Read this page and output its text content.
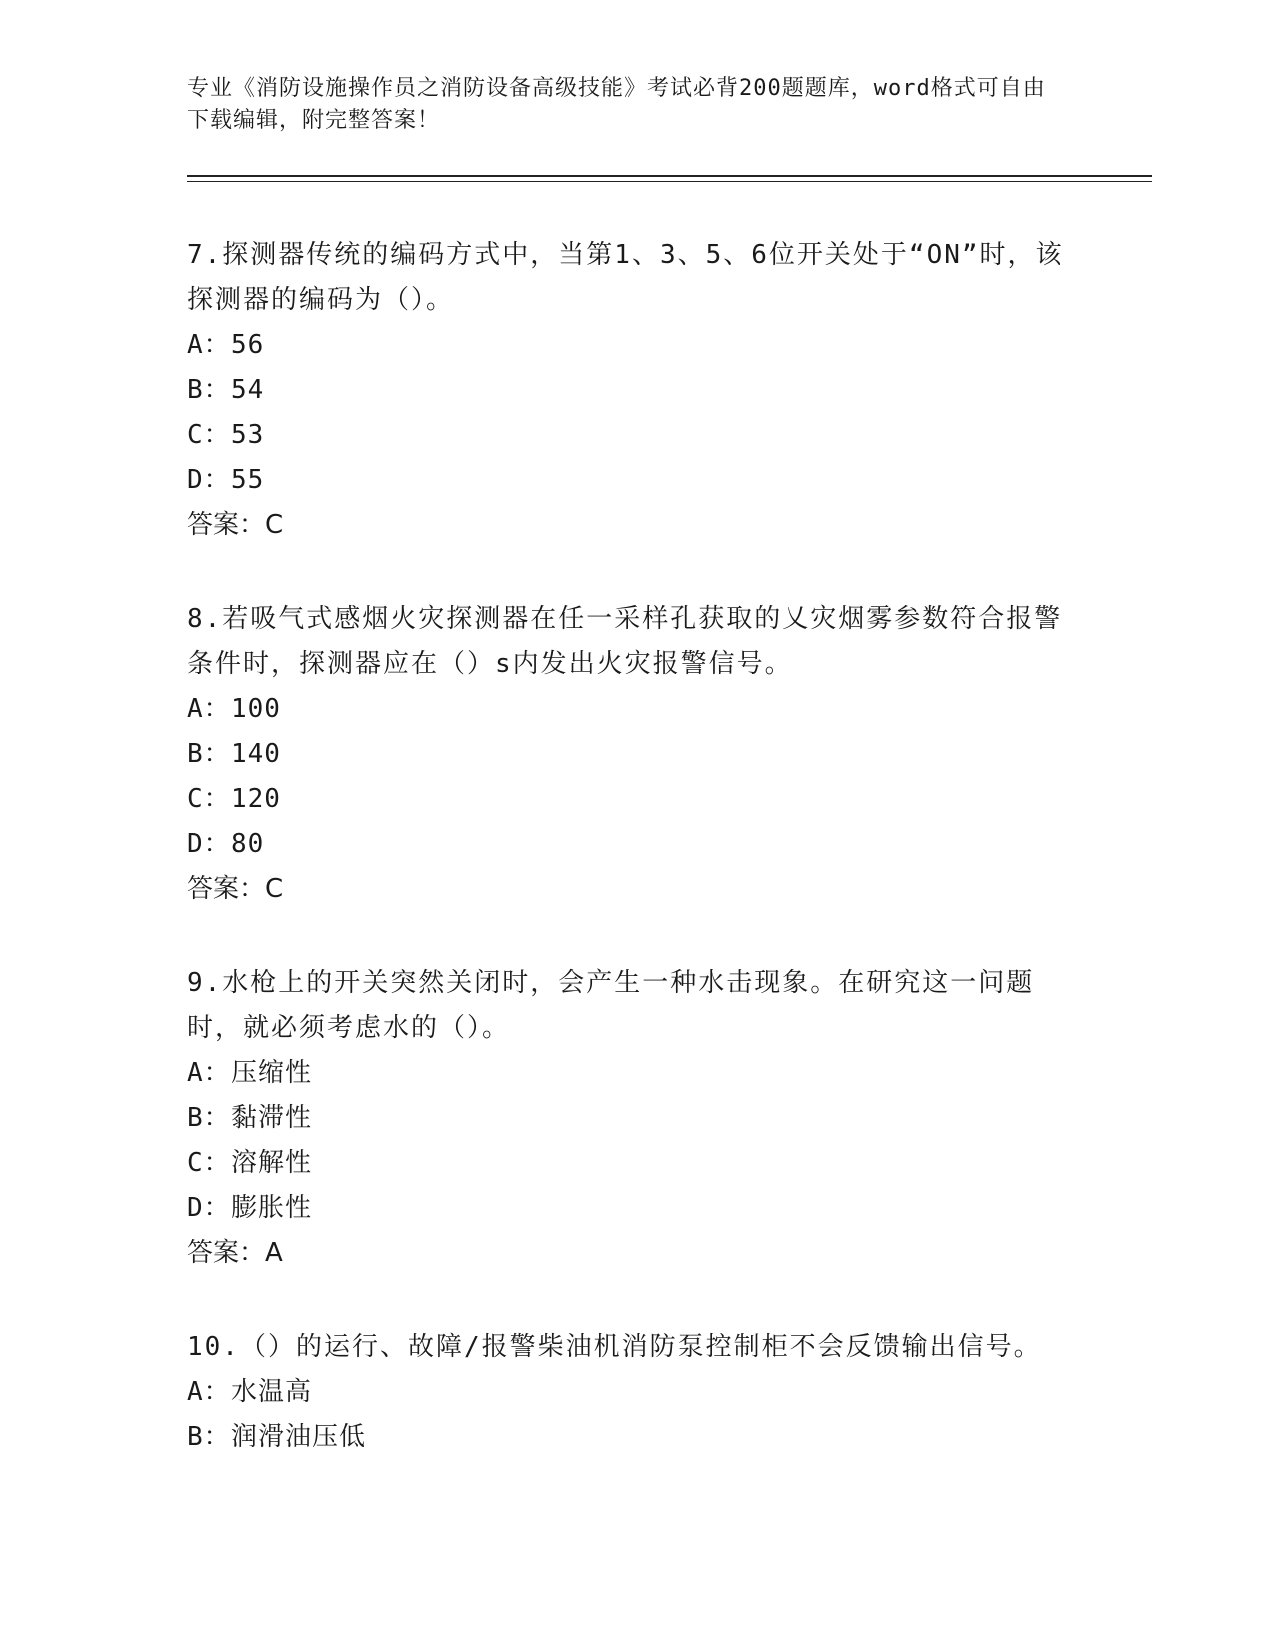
专业《消防设施操作员之消防设备高级技能》考试必背200题题库，word格式可自由下载编辑，附完整答案！

7.探测器传统的编码方式中，当第1、3、5、6位开关处于“ON”时，该探测器的编码为（）。

A：56

B：54

C：53

D：55

答案：C

8.若吸气式感烟火灾探测器在任一采样孔获取的乂灾烟雾参数符合报警条件时，探测器应在（）s内发出火灾报警信号。

A：100

B：140

C：120

D：80

答案：C

9.水枪上的开关突然关闭时，会产生一种水击现象。在研究这一问题时，就必须考虑水的（）。

A：压缩性

B：黏滞性

C：溶解性

D：膨胀性

答案：A

10.（）的运行、故障/报警柴油机消防泵控制柜不会反馈输出信号。

A：水温高

B：润滑油压低
